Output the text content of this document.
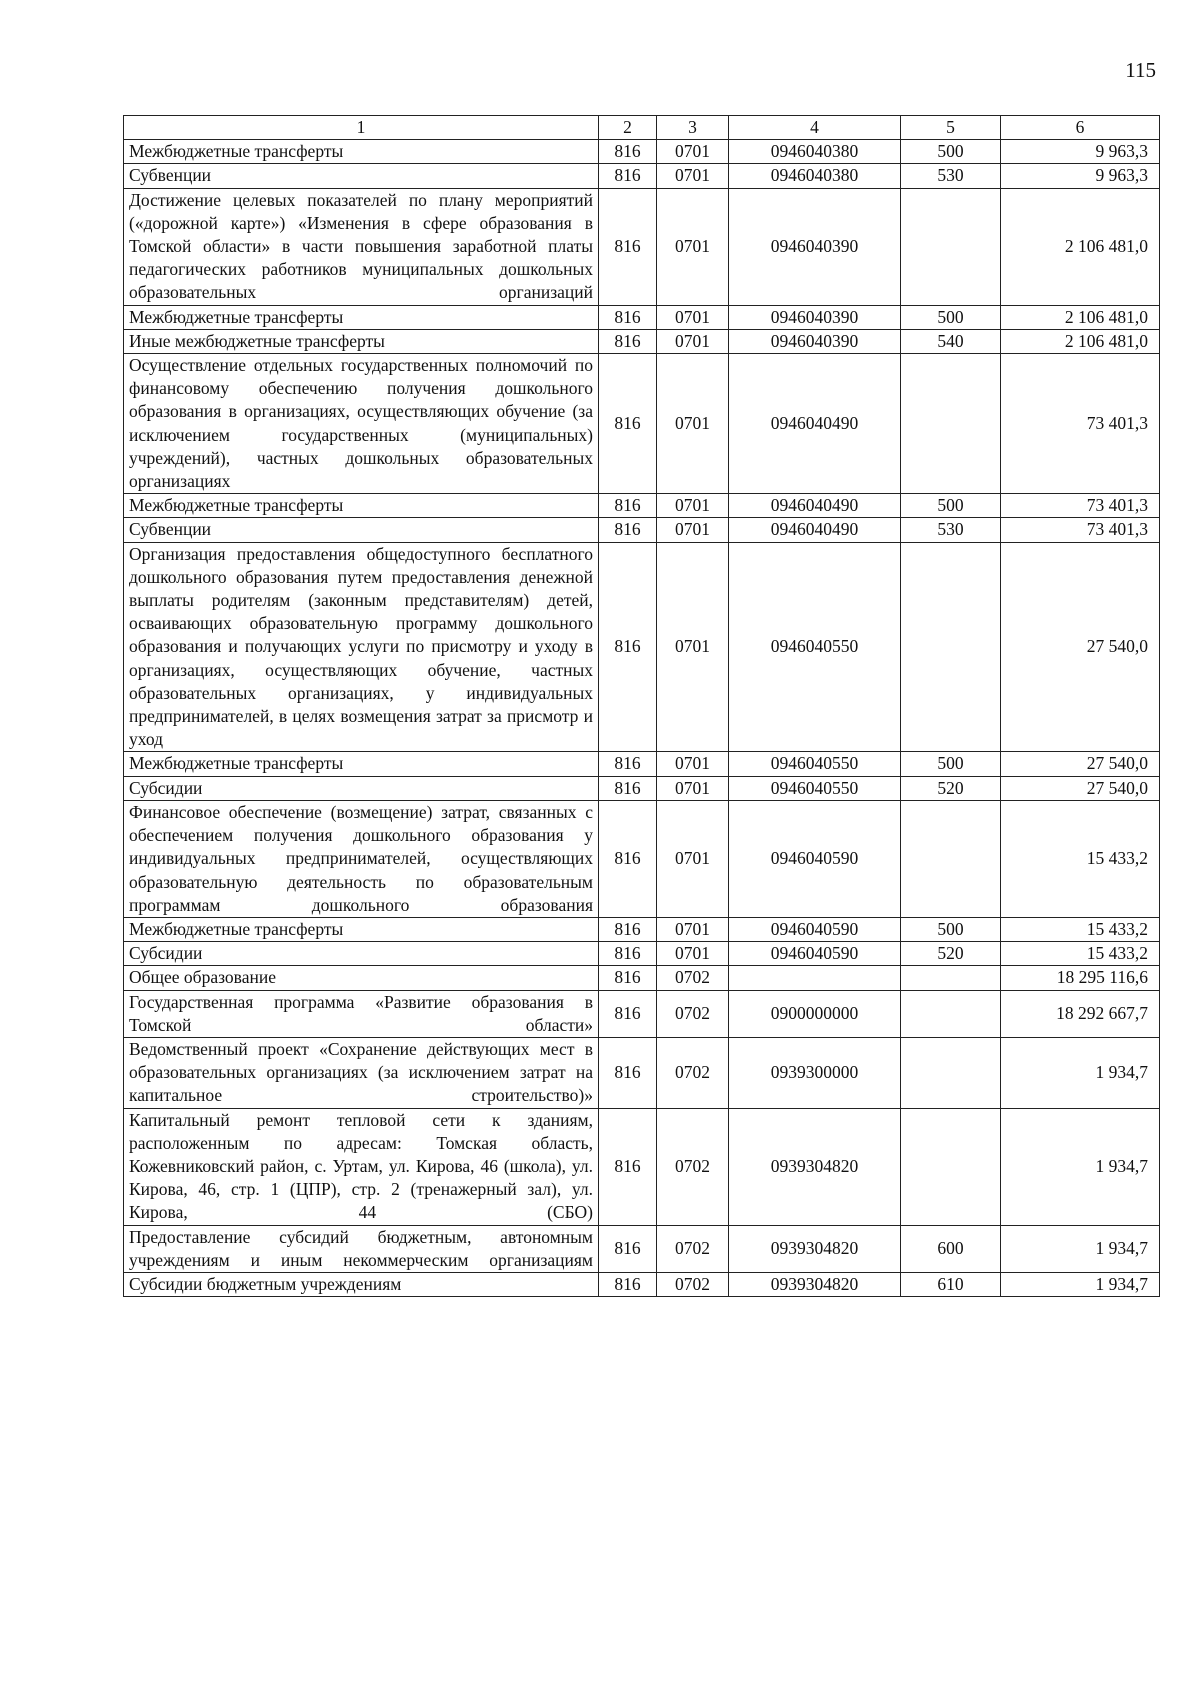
115
1	2	3	4	5	6
Межбюджетные трансферты	816	0701	0946040380	500	9 963,3
Субвенции	816	0701	0946040380	530	9 963,3
Достижение целевых показателей по плану мероприятий («дорожной карте») «Изменения в сфере образования в Томской области» в части повышения заработной платы педагогических работников муниципальных дошкольных образовательных организаций	816	0701	0946040390		2 106 481,0
Межбюджетные трансферты	816	0701	0946040390	500	2 106 481,0
Иные межбюджетные трансферты	816	0701	0946040390	540	2 106 481,0
Осуществление отдельных государственных полномочий по финансовому обеспечению получения дошкольного образования в организациях, осуществляющих обучение (за исключением государственных (муниципальных) учреждений), частных дошкольных образовательных организациях	816	0701	0946040490		73 401,3
Межбюджетные трансферты	816	0701	0946040490	500	73 401,3
Субвенции	816	0701	0946040490	530	73 401,3
Организация предоставления общедоступного бесплатного дошкольного образования путем предоставления денежной выплаты родителям (законным представителям) детей, осваивающих образовательную программу дошкольного образования и получающих услуги по присмотру и уходу в организациях, осуществляющих обучение, частных образовательных организациях, у индивидуальных предпринимателей, в целях возмещения затрат за присмотр и уход	816	0701	0946040550		27 540,0
Межбюджетные трансферты	816	0701	0946040550	500	27 540,0
Субсидии	816	0701	0946040550	520	27 540,0
Финансовое обеспечение (возмещение) затрат, связанных с обеспечением получения дошкольного образования у индивидуальных предпринимателей, осуществляющих образовательную деятельность по образовательным программам дошкольного образования	816	0701	0946040590		15 433,2
Межбюджетные трансферты	816	0701	0946040590	500	15 433,2
Субсидии	816	0701	0946040590	520	15 433,2
Общее образование	816	0702			18 295 116,6
Государственная программа «Развитие образования в Томской области»	816	0702	0900000000		18 292 667,7
Ведомственный проект «Сохранение действующих мест в образовательных организациях (за исключением затрат на капитальное строительство)»	816	0702	0939300000		1 934,7
Капитальный ремонт тепловой сети к зданиям, расположенным по адресам: Томская область, Кожевниковский район, с. Уртам, ул. Кирова, 46 (школа), ул. Кирова, 46, стр. 1 (ЦПР), стр. 2 (тренажерный зал), ул. Кирова, 44 (СБО)	816	0702	0939304820		1 934,7
Предоставление субсидий бюджетным, автономным учреждениям и иным некоммерческим организациям	816	0702	0939304820	600	1 934,7
Субсидии бюджетным учреждениям	816	0702	0939304820	610	1 934,7
